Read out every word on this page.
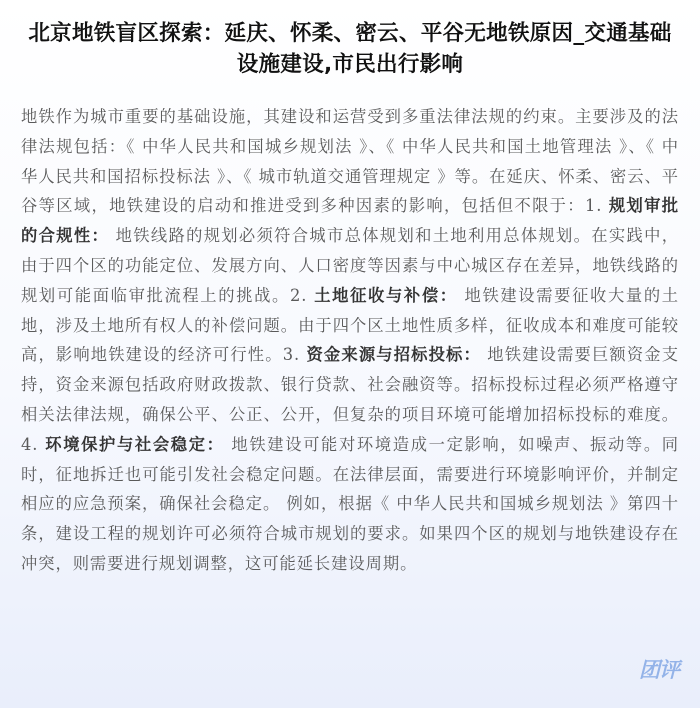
北京地铁盲区探索：延庆、怀柔、密云、平谷无地铁原因_交通基础设施建设,市民出行影响

地铁作为城市重要的基础设施，其建设和运营受到多重法律法规的约束。主要涉及的法律法规包括：《 中华人民共和国城乡规划法 》、《 中华人民共和国土地管理法 》、《 中华人民共和国招标投标法 》、《 城市轨道交通管理规定 》等。在延庆、怀柔、密云、平谷等区域，地铁建设的启动和推进受到多种因素的影响，包括但不限于：1. 规划审批的合规性： 地铁线路的规划必须符合城市总体规划和土地利用总体规划。在实践中，由于四个区的功能定位、发展方向、人口密度等因素与中心城区存在差异，地铁线路的规划可能面临审批流程上的挑战。2. 土地征收与补偿： 地铁建设需要征收大量的土地，涉及土地所有权人的补偿问题。由于四个区土地性质多样，征收成本和难度可能较高，影响地铁建设的经济可行性。3. 资金来源与招标投标： 地铁建设需要巨额资金支持，资金来源包括政府财政拨款、银行贷款、社会融资等。招标投标过程必须严格遵守相关法律法规，确保公平、公正、公开，但复杂的项目环境可能增加招标投标的难度。4. 环境保护与社会稳定： 地铁建设可能对环境造成一定影响，如噪声、振动等。同时，征地拆迁也可能引发社会稳定问题。在法律层面，需要进行环境影响评价，并制定相应的应急预案，确保社会稳定。 例如，根据《 中华人民共和国城乡规划法 》第四十条，建设工程的规划许可必须符合城市规划的要求。如果四个区的规划与地铁建设存在冲突，则需要进行规划调整，这可能延长建设周期。

团评
